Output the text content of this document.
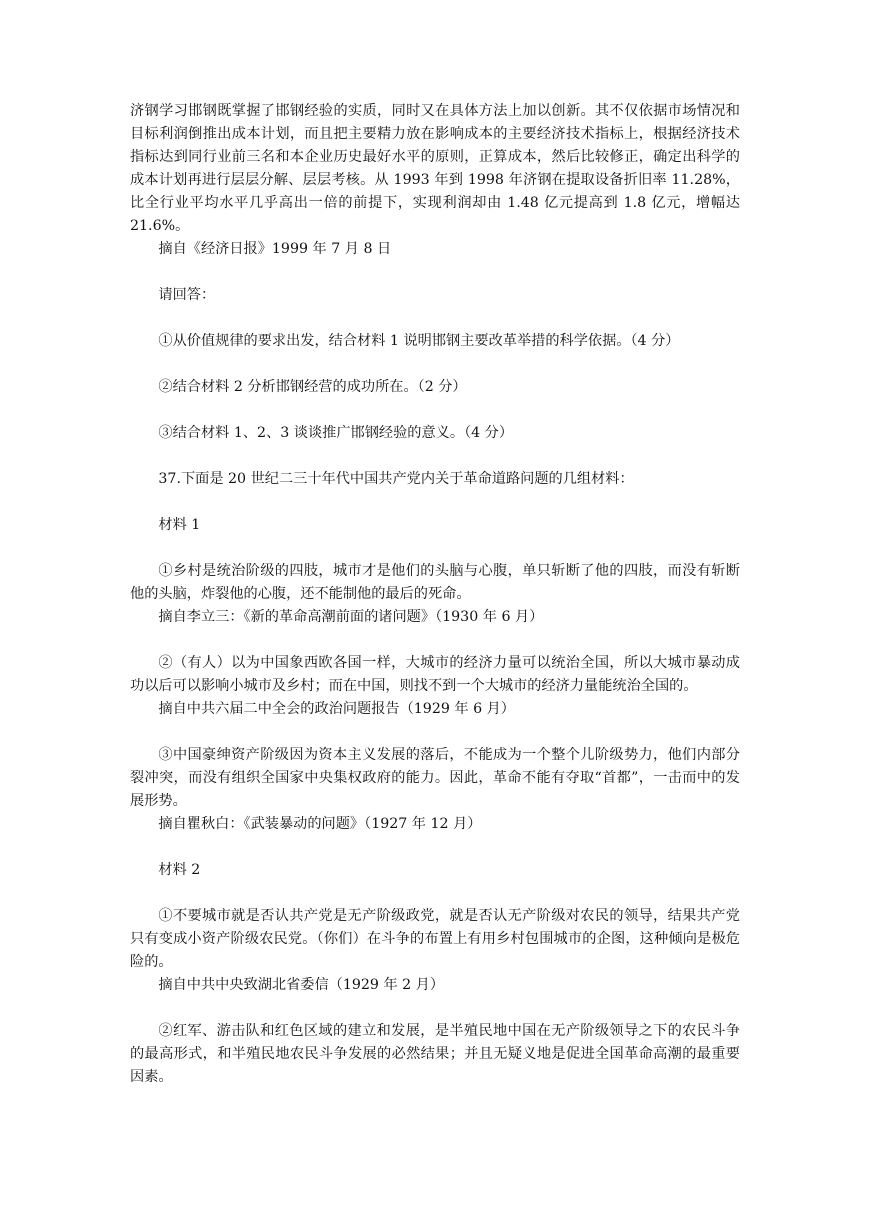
济钢学习邯钢既掌握了邯钢经验的实质，同时又在具体方法上加以创新。其不仅依据市场情况和目标利润倒推出成本计划，而且把主要精力放在影响成本的主要经济技术指标上，根据经济技术指标达到同行业前三名和本企业历史最好水平的原则，正算成本，然后比较修正，确定出科学的成本计划再进行层层分解、层层考核。从 1993 年到 1998 年济钢在提取设备折旧率 11.28%，比全行业平均水平几乎高出一倍的前提下，实现利润却由 1.48 亿元提高到 1.8 亿元，增幅达 21.6%。

摘自《经济日报》1999 年 7 月 8 日

请回答：

①从价值规律的要求出发，结合材料 1 说明邯钢主要改革举措的科学依据。（4 分）

②结合材料 2 分析邯钢经营的成功所在。（2 分）

③结合材料 1、2、3 谈谈推广邯钢经验的意义。（4 分）

37.下面是 20 世纪二三十年代中国共产党内关于革命道路问题的几组材料：

材料 1

①乡村是统治阶级的四肢，城市才是他们的头脑与心腹，单只斩断了他的四肢，而没有斩断他的头脑，炸裂他的心腹，还不能制他的最后的死命。

摘自李立三：《新的革命高潮前面的诸问题》（1930 年 6 月）

②（有人）以为中国象西欧各国一样，大城市的经济力量可以统治全国，所以大城市暴动成功以后可以影响小城市及乡村；而在中国，则找不到一个大城市的经济力量能统治全国的。

摘自中共六届二中全会的政治问题报告（1929 年 6 月）

③中国豪绅资产阶级因为资本主义发展的落后，不能成为一个整个儿阶级势力，他们内部分裂冲突，而没有组织全国家中央集权政府的能力。因此，革命不能有夺取“首都”，一击而中的发展形势。

摘自瞿秋白：《武装暴动的问题》（1927 年 12 月）

材料 2

①不要城市就是否认共产党是无产阶级政党，就是否认无产阶级对农民的领导，结果共产党只有变成小资产阶级农民党。（你们）在斗争的布置上有用乡村包围城市的企图，这种倾向是极危险的。

摘自中共中央致湖北省委信（1929 年 2 月）

②红军、游击队和红色区域的建立和发展，是半殖民地中国在无产阶级领导之下的农民斗争的最高形式，和半殖民地农民斗争发展的必然结果；并且无疑义地是促进全国革命高潮的最重要因素。
